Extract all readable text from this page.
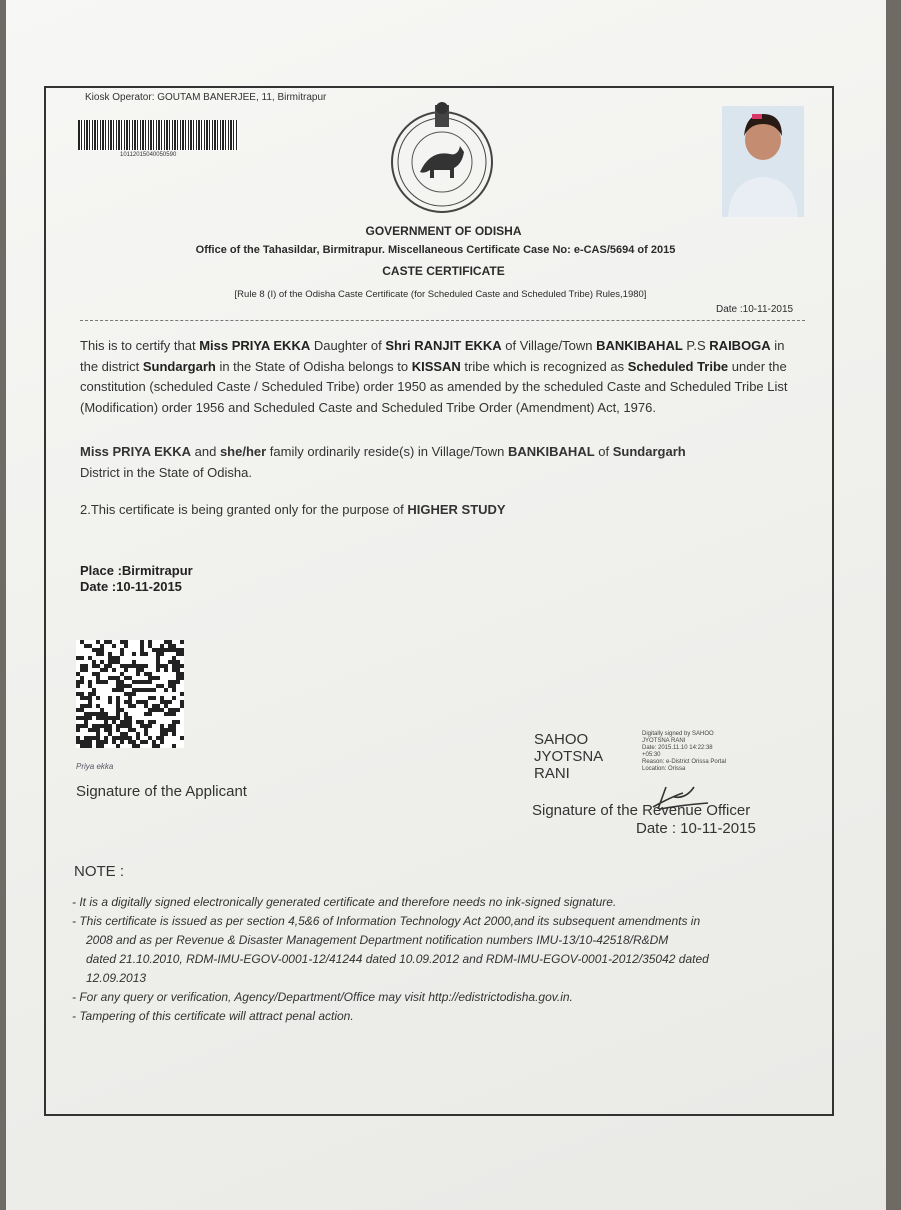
Kiosk Operator: GOUTAM BANERJEE, 11, Birmitrapur
10112015040050590
GOVERNMENT OF ODISHA
Office of the Tahasildar, Birmitrapur. Miscellaneous Certificate Case No: e-CAS/5694 of 2015
CASTE CERTIFICATE
[Rule 8 (I) of the Odisha Caste Certificate (for Scheduled Caste and Scheduled Tribe) Rules,1980]
Date :10-11-2015
This is to certify that Miss PRIYA EKKA Daughter of Shri RANJIT EKKA of Village/Town BANKIBAHAL P.S RAIBOGA in the district Sundargarh in the State of Odisha belongs to KISSAN tribe which is recognized as Scheduled Tribe under the constitution (scheduled Caste / Scheduled Tribe) order 1950 as amended by the scheduled Caste and Scheduled Tribe List (Modification) order 1956 and Scheduled Caste and Scheduled Tribe Order (Amendment) Act, 1976.
Miss PRIYA EKKA and she/her family ordinarily reside(s) in Village/Town BANKIBAHAL of Sundargarh
District in the State of Odisha.
2.This certificate is being granted only for the purpose of HIGHER STUDY
Place :Birmitrapur
Date :10-11-2015
Priya ekka
Signature of the Applicant
SAHOO
JYOTSNA
RANI
Digitally signed by SAHOO
JYOTSNA RANI
Date: 2015.11.10 14:22:38
+05:30
Reason: e-District Orissa Portal
Location: Orissa
Signature of the Revenue Officer
Date : 10-11-2015
NOTE :
- It is a digitally signed electronically generated certificate and therefore needs no ink-signed signature.
- This certificate is issued as per section 4,5&6 of Information Technology Act 2000,and its subsequent amendments in
2008 and as per Revenue & Disaster Management Department notification numbers IMU-13/10-42518/R&DM
dated 21.10.2010, RDM-IMU-EGOV-0001-12/41244 dated 10.09.2012 and RDM-IMU-EGOV-0001-2012/35042 dated
12.09.2013
- For any query or verification, Agency/Department/Office may visit http://edistrictodisha.gov.in.
- Tampering of this certificate will attract penal action.
